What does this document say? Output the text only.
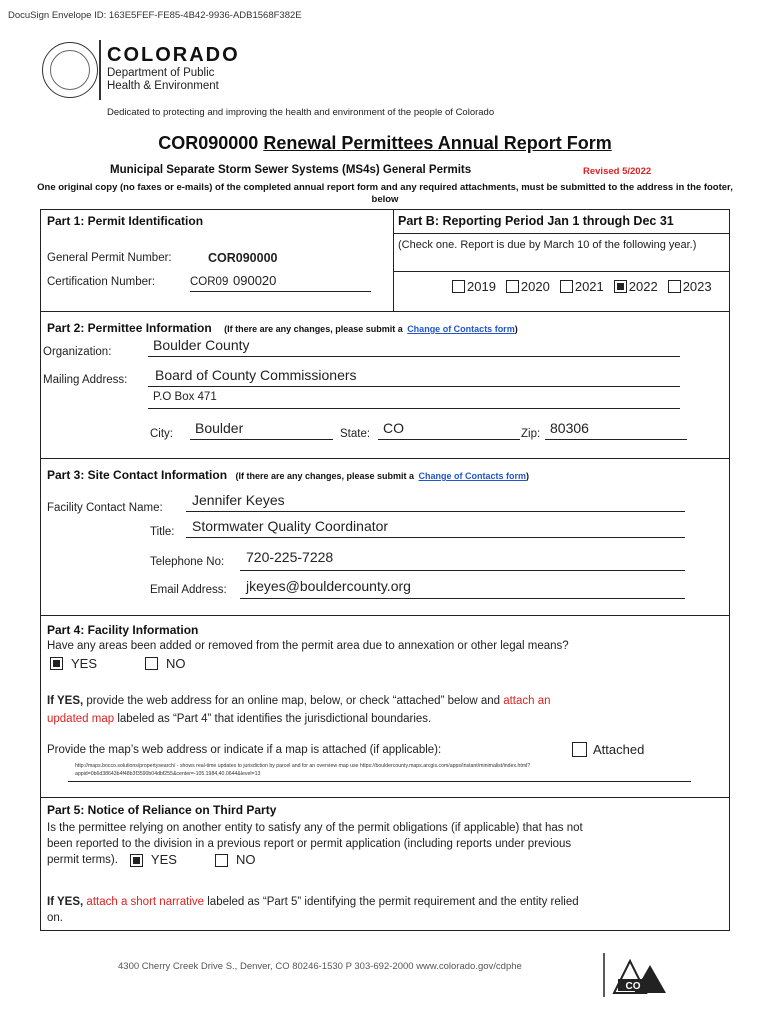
DocuSign Envelope ID: 163E5FEF-FE85-4B42-9936-ADB1568F382E
COLORADO
Department of Public
Health & Environment
Dedicated to protecting and improving the health and environment of the people of Colorado
COR090000 Renewal Permittees Annual Report Form
Municipal Separate Storm Sewer Systems (MS4s) General Permits	Revised 5/2022
One original copy (no faxes or e-mails) of the completed annual report form and any required attachments, must be submitted to the address in the footer, below
Part 1: Permit Identification
General Permit Number:	COR090000
Certification Number:	COR09 090020
Part B: Reporting Period Jan 1 through Dec 31
(Check one. Report is due by March 10 of the following year.)
2019 2020 2021 2022 2023
Part 2: Permittee Information (If there are any changes, please submit a Change of Contacts form)
Organization:	Boulder County
Mailing Address: Board of County Commissioners
P.O Box 471
City: Boulder	State: CO	Zip: 80306
Part 3: Site Contact Information (If there are any changes, please submit a Change of Contacts form)
Facility Contact Name: Jennifer Keyes
Title: Stormwater Quality Coordinator
Telephone No: 720-225-7228
Email Address: jkeyes@bouldercounty.org
Part 4: Facility Information
Have any areas been added or removed from the permit area due to annexation or other legal means?
YES	NO
If YES, provide the web address for an online map, below, or check “attached” below and attach an
updated map labeled as “Part 4” that identifies the jurisdictional boundaries.
Provide the map’s web address or indicate if a map is attached (if applicable):	Attached
http://maps.bocco.solutions/propertysearch/ - shows real-time updates to jurisdiction by parcel and for an overview map use https://bouldercounty.maps.arcgis.com/apps/instant/minimalist/index.html?
appid=0b6d38643b4f48b3f3590b04dbf255&center=-105.1984,40.0644&level=13
Part 5: Notice of Reliance on Third Party
Is the permittee relying on another entity to satisfy any of the permit obligations (if applicable) that has not
been reported to the division in a previous report or permit application (including reports under previous
permit terms).	YES	NO
If YES, attach a short narrative labeled as “Part 5” identifying the permit requirement and the entity relied
on.
4300 Cherry Creek Drive S., Denver, CO 80246-1530 P 303-692-2000 www.colorado.gov/cdphe
CO
